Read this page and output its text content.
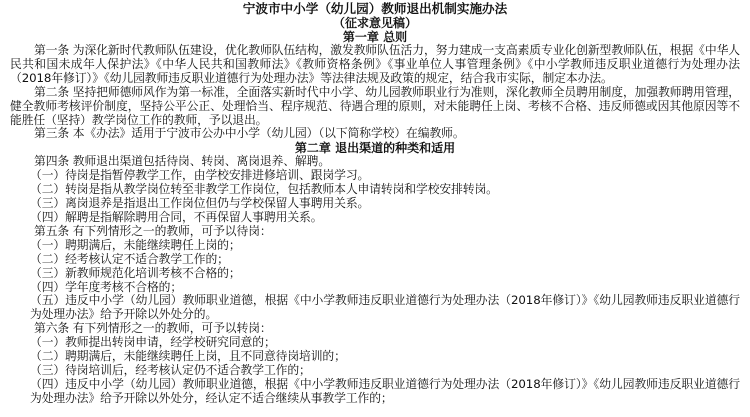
宁波市中小学（幼儿园）教师退出机制实施办法
（征求意见稿）
第一章 总则

第一条 为深化新时代教师队伍建设，优化教师队伍结构，激发教师队伍活力，努力建成一支高素质专业化创新型教师队伍，根据《中华人民共和国未成年人保护法》《中华人民共和国教师法》《教师资格条例》《事业单位人事管理条例》《中小学教师违反职业道德行为处理办法（2018年修订）》《幼儿园教师违反职业道德行为处理办法》等法律法规及政策的规定，结合我市实际，制定本办法。

第二条 坚持把师德师风作为第一标准，全面落实新时代中小学、幼儿园教师职业行为准则，深化教师全员聘用制度，加强教师聘用管理，健全教师考核评价制度，坚持公平公正、处理恰当、程序规范、待遇合理的原则，对未能聘任上岗、考核不合格、违反师德或因其他原因等不能胜任（坚持）教学岗位工作的教师，予以退出。

第三条 本《办法》适用于宁波市公办中小学（幼儿园）（以下简称学校）在编教师。

第二章 退出渠道的种类和适用

第四条 教师退出渠道包括待岗、转岗、离岗退养、解聘。

（一）待岗是指暂停教学工作，由学校安排进修培训、跟岗学习。

（二）转岗是指从教学岗位转至非教学工作岗位，包括教师本人申请转岗和学校安排转岗。

（三）离岗退养是指退出工作岗位但仍与学校保留人事聘用关系。

（四）解聘是指解除聘用合同，不再保留人事聘用关系。

第五条 有下列情形之一的教师，可予以待岗：

（一）聘期满后，未能继续聘任上岗的；

（二）经考核认定不适合教学工作的；

（三）新教师规范化培训考核不合格的；

（四）学年度考核不合格的；

（五）违反中小学（幼儿园）教师职业道德，根据《中小学教师违反职业道德行为处理办法（2018年修订）》《幼儿园教师违反职业道德行为处理办法》给予开除以外处分的。

第六条 有下列情形之一的教师，可予以转岗：

（一）教师提出转岗申请，经学校研究同意的；

（二）聘期满后，未能继续聘任上岗，且不同意待岗培训的；

（三）待岗培训后，经考核认定仍不适合教学工作的；

（四）违反中小学（幼儿园）教师职业道德，根据《中小学教师违反职业道德行为处理办法（2018年修订）》《幼儿园教师违反职业道德行为处理办法》给予开除以外处分，经认定不适合继续从事教学工作的；
